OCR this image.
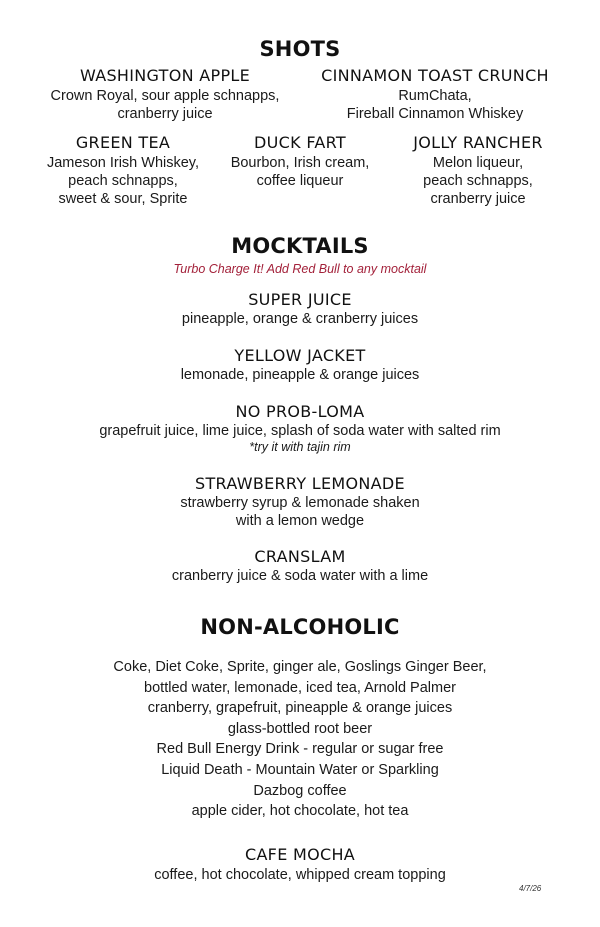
SHOTS
WASHINGTON APPLE
Crown Royal, sour apple schnapps,
cranberry juice
CINNAMON TOAST CRUNCH
RumChata,
Fireball Cinnamon Whiskey
GREEN TEA
Jameson Irish Whiskey,
peach schnapps,
sweet & sour, Sprite
DUCK FART
Bourbon, Irish cream,
coffee liqueur
JOLLY RANCHER
Melon liqueur,
peach schnapps,
cranberry juice
MOCKTAILS
Turbo Charge It! Add Red Bull to any mocktail
SUPER JUICE
pineapple, orange & cranberry juices
YELLOW JACKET
lemonade, pineapple & orange juices
NO PROB-LOMA
grapefruit juice, lime juice, splash of soda water with salted rim
*try it with tajin rim
STRAWBERRY LEMONADE
strawberry syrup & lemonade shaken
with a lemon wedge
CRANSLAM
cranberry juice & soda water with a lime
NON-ALCOHOLIC
Coke, Diet Coke, Sprite, ginger ale, Goslings Ginger Beer,
bottled water, lemonade, iced tea, Arnold Palmer
cranberry, grapefruit, pineapple & orange juices
glass-bottled root beer
Red Bull Energy Drink - regular or sugar free
Liquid Death - Mountain Water or Sparkling
Dazbog coffee
apple cider, hot chocolate, hot tea
CAFE MOCHA
coffee, hot chocolate, whipped cream topping
4/7/26
